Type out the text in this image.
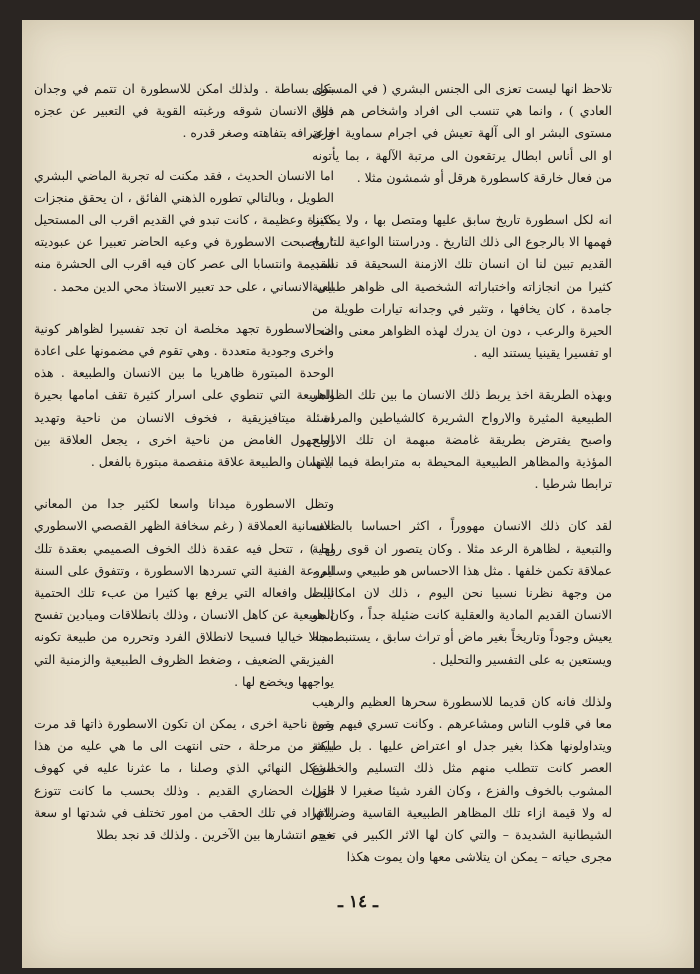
تلاحظ انها ليست تعزى الى الجنس البشري ( في المستوى العادي ) ، وانما هي تنسب الى افراد واشخاص هم فوق مستوى البشر او الى آلهة تعيش في اجرام سماوية اخرى او الى أناس ابطال يرتقعون الى مرتبة الآلهة ، بما يأتونه من فعال خارقة كاسطورة هرقل أو شمشون مثلا .

انه لكل اسطورة تاريخ سابق عليها ومتصل بها ، ولا يمكننا فهمها الا بالرجوع الى ذلك التاريخ . ودراستنا الواعية للتاريخ القديم تبين لنا ان انسان تلك الازمنة السحيقة قد نسب كثيرا من انجازاته واختباراته الشخصية الى ظواهر طبيعية جامدة ، كان يخافها ، وتثير في وجدانه تيارات طويلة من الحيرة والرعب ، دون ان يدرك لهذه الظواهر معنى واضحا او تفسيرا يقينيا يستند اليه .

وبهذه الطريقة اخذ يربط ذلك الانسان ما بين تلك الظواهر الطبيعية المثيرة والارواح الشريرة كالشياطين والمردة . واصبح يفترض بطريقة غامضة مبهمة ان تلك الارواح المؤذية والمظاهر الطبيعية المحيطة به مترابطة فيما بينها ترابطا شرطيا .

لقد كان ذلك الانسان مهووراً ، اكثر احساسا بالضعف والتبعية ، لظاهرة الرعد مثلا . وكان يتصور ان قوى روحية عملاقة تكمن خلفها . مثل هذا الاحساس هو طبيعي وسليم ، من وجهة نظرنا نسبيا نحن اليوم ، ذلك لان امكانيات الانسان القديم المادية والعقلية كانت ضئيلة جداً ، وكان هو يعيش وجوداً وتاريخاً بغير ماض أو تراث سابق ، يستنبط منه ويستعين به على التفسير والتحليل .

ولذلك فانه كان قديما للاسطورة سحرها العظيم والرهيب معا في قلوب الناس ومشاعرهم . وكانت تسري فيهم بقوة ويتداولونها هكذا بغير جدل او اعتراض عليها . بل طبيعة العصر كانت تتطلب منهم مثل ذلك التسليم والخضوع المشوب بالخوف والفزع ، وكان الفرد شيئا صغيرا لا حول له ولا قيمة ازاء تلك المظاهر الطبيعية القاسية وضرباتها الشيطانية الشديدة – والتي كان لها الاثر الكبير في تغيير مجرى حياته – يمكن ان يتلاشى معها وان يموت هكذا

بكل بساطة . ولذلك امكن للاسطورة ان تتمم في وجدان ذلك الانسان شوقه ورغبته القوية في التعبير عن عجزه واعترافه بتفاهته وصغر قدره .

اما الانسان الحديث ، فقد مكنت له تجربة الماضي البشري الطويل ، وبالتالي تطوره الذهني الفائق ، ان يحقق منجزات كثيرة وعظيمة ، كانت تبدو في القديم اقرب الى المستحيل ؛ واصبحت الاسطورة في وعيه الحاضر تعبيرا عن عبوديته القديمة وانتسابا الى عصر كان فيه اقرب الى الحشرة منه الى الانساني ، على حد تعبير الاستاذ محي الدين محمد .

ان الاسطورة تجهد مخلصة ان تجد تفسيرا لظواهر كونية واخرى وجودية متعددة . وهي تقوم في مضمونها على اعادة الوحدة المبتورة ظاهريا ما بين الانسان والطبيعة . هذه الطبيعة التي تنطوي على اسرار كثيرة تقف امامها بحيرة اسئلة ميتافيزيقية ، فخوف الانسان من ناحية وتهديد المجهول الغامض من ناحية اخرى ، يجعل العلاقة بين الانسان والطبيعة علاقة منفصمة مبتورة بالفعل .

وتظل الاسطورة ميدانا واسعا لكثير جدا من المعاني الانسانية العملاقة ( رغم سخافة الظهر القصصي الاسطوري لها ) ، تتحل فيه عقدة ذلك الخوف الصميمي بعقدة تلك الروعة الفنية التي تسردها الاسطورة ، وتتفوق على السنة البطل وافعاله التي يرفع بها كثيرا من عبء تلك الحتمية الطبيعية عن كاهل الانسان ، وذلك بانطلاقات وميادين تفسح مجالا خياليا فسيحا لانطلاق الفرد وتحرره من طبيعة تكونه الفيزيقي الضعيف ، وضغط الظروف الطبيعية والزمنية التي يواجهها ويخضع لها .

ومن ناحية اخرى ، يمكن ان تكون الاسطورة ذاتها قد مرت باكثر من مرحلة ، حتى انتهت الى ما هي عليه من هذا الشكل النهائي الذي وصلنا ، ما عثرنا عليه في كهوف التراث الحضاري القديم . وذلك بحسب ما كانت تتوزع الافراد في تلك الحقب من امور تختلف في شدتها او سعة حجم انتشارها بين الآخرين . ولذلك قد نجد بطلا

ـ ١٤ ـ
